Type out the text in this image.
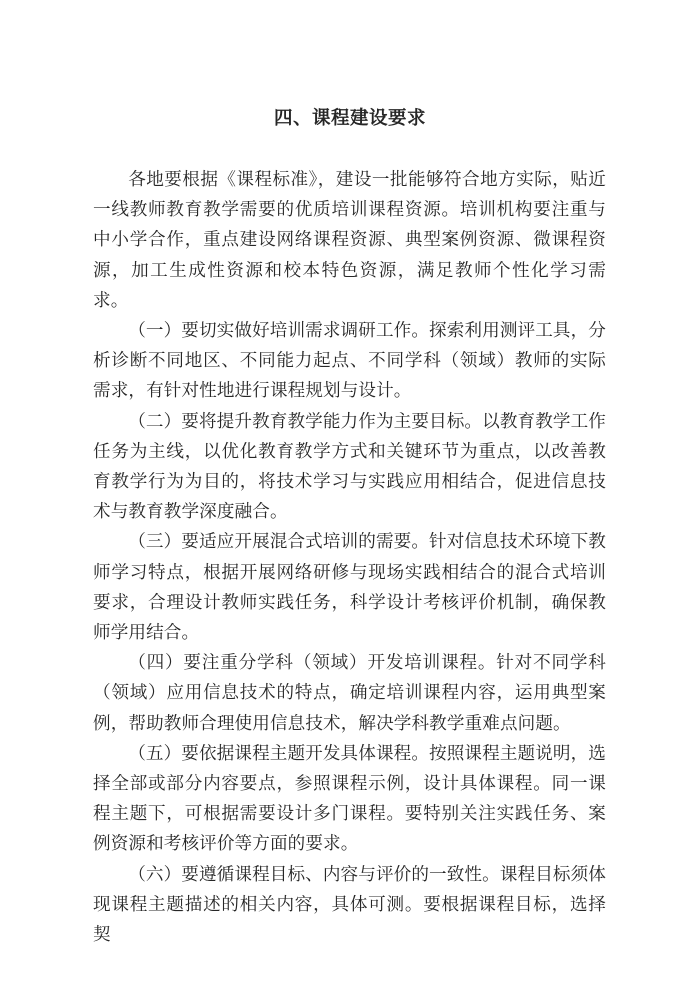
四、课程建设要求

各地要根据《课程标准》，建设一批能够符合地方实际，贴近一线教师教育教学需要的优质培训课程资源。培训机构要注重与中小学合作，重点建设网络课程资源、典型案例资源、微课程资源，加工生成性资源和校本特色资源，满足教师个性化学习需求。

（一）要切实做好培训需求调研工作。探索利用测评工具，分析诊断不同地区、不同能力起点、不同学科（领域）教师的实际需求，有针对性地进行课程规划与设计。

（二）要将提升教育教学能力作为主要目标。以教育教学工作任务为主线，以优化教育教学方式和关键环节为重点，以改善教育教学行为为目的，将技术学习与实践应用相结合，促进信息技术与教育教学深度融合。

（三）要适应开展混合式培训的需要。针对信息技术环境下教师学习特点，根据开展网络研修与现场实践相结合的混合式培训要求，合理设计教师实践任务，科学设计考核评价机制，确保教师学用结合。

（四）要注重分学科（领域）开发培训课程。针对不同学科（领域）应用信息技术的特点，确定培训课程内容，运用典型案例，帮助教师合理使用信息技术，解决学科教学重难点问题。

（五）要依据课程主题开发具体课程。按照课程主题说明，选择全部或部分内容要点，参照课程示例，设计具体课程。同一课程主题下，可根据需要设计多门课程。要特别关注实践任务、案例资源和考核评价等方面的要求。

（六）要遵循课程目标、内容与评价的一致性。课程目标须体现课程主题描述的相关内容，具体可测。要根据课程目标，选择契
